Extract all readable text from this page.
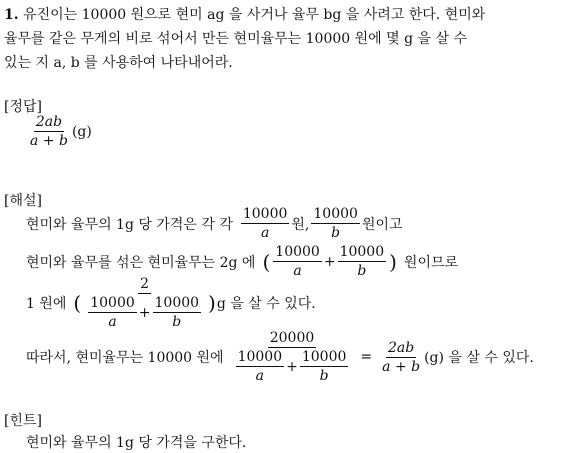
1. 유진이는 10000 원으로 현미 ag 을 사거나 율무 bg 을 사려고 한다. 현미와
율무를 같은 무게의 비로 섞어서 만든 현미율무는 10000 원에 몇 g 을 살 수
있는 지 a, b 를 사용하여 나타내어라.
[정답]
$\frac{2ab}{a + b} (g)$
[해설]
현미와 율무의 1g 당 가격은 각 각 $\frac{10000}{a}$ 원, $\frac{10000}{b}$ 원이고
현미와 율무를 섞은 현미율무는 2g 에 ( $\frac{10000}{a} + \frac{10000}{b}$ ) 원이므로
1 원에 (
2
$\frac{10000}{a} + \frac{10000}{b}$ ) g 을 살 수 있다.
따라서, 현미율무는 10000 원에
20000
$\frac{10000}{a} + \frac{10000}{b} = \frac{2ab}{a + b} (g)$ 을 살 수 있다.
[힌트]
현미와 율무의 1g 당 가격을 구한다.
